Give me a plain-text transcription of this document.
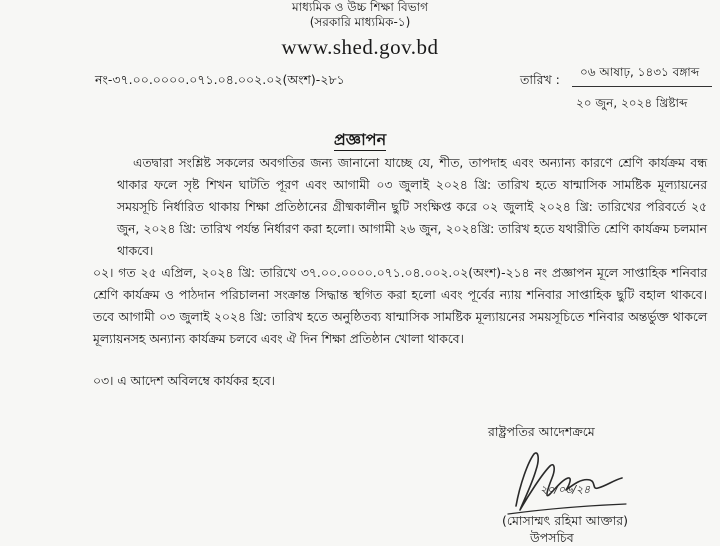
মাধ্যমিক ও উচ্চ শিক্ষা বিভাগ
(সরকারি মাধ্যমিক-১)
www.shed.gov.bd
নং-৩৭.০০.০০০০.০৭১.০৪.০০২.০২(অংশ)-২৮১	তারিখ : ০৬ আষাঢ়, ১৪৩১ বঙ্গাব্দ
২০ জুন, ২০২৪ খ্রিষ্টাব্দ
প্রজ্ঞাপন

এতদ্বারা সংশ্লিষ্ট সকলের অবগতির জন্য জানানো যাচ্ছে যে, শীত, তাপদাহ এবং অন্যান্য কারণে শ্রেণি কার্যক্রম বন্ধ থাকার ফলে সৃষ্ট শিখন ঘাটতি পূরণ এবং আগামী ০৩ জুলাই ২০২৪ খ্রি: তারিখ হতে ষান্মাসিক সামষ্টিক মূল্যায়নের সময়সূচি নির্ধারিত থাকায় শিক্ষা প্রতিষ্ঠানের গ্রীষ্মকালীন ছুটি সংক্ষিপ্ত করে ০২ জুলাই ২০২৪ খ্রি: তারিখের পরিবর্তে ২৫ জুন, ২০২৪ খ্রি: তারিখ পর্যন্ত নির্ধারণ করা হলো। আগামী ২৬ জুন, ২০২৪খ্রি: তারিখ হতে যথারীতি শ্রেণি কার্যক্রম চলমান থাকবে।

০২। গত ২৫ এপ্রিল, ২০২৪ খ্রি: তারিখে ৩৭.০০.০০০০.০৭১.০৪.০০২.০২(অংশ)-২১৪ নং প্রজ্ঞাপন মূলে সাপ্তাহিক শনিবার শ্রেণি কার্যক্রম ও পাঠদান পরিচালনা সংক্রান্ত সিদ্ধান্ত স্থগিত করা হলো এবং পূর্বের ন্যায় শনিবার সাপ্তাহিক ছুটি বহাল থাকবে। তবে আগামী ০৩ জুলাই ২০২৪ খ্রি: তারিখ হতে অনুষ্ঠিতব্য ষান্মাসিক সামষ্টিক মূল্যায়নের সময়সূচিতে শনিবার অন্তর্ভুক্ত থাকলে মূল্যায়নসহ অন্যান্য কার্যক্রম চলবে এবং ঐ দিন শিক্ষা প্রতিষ্ঠান খোলা থাকবে।

০৩। এ আদেশ অবিলম্বে কার্যকর হবে।

রাষ্ট্রপতির আদেশক্রমে
২০/০৬/২৪
(মোসাম্মৎ রহিমা আক্তার)
উপসচিব
